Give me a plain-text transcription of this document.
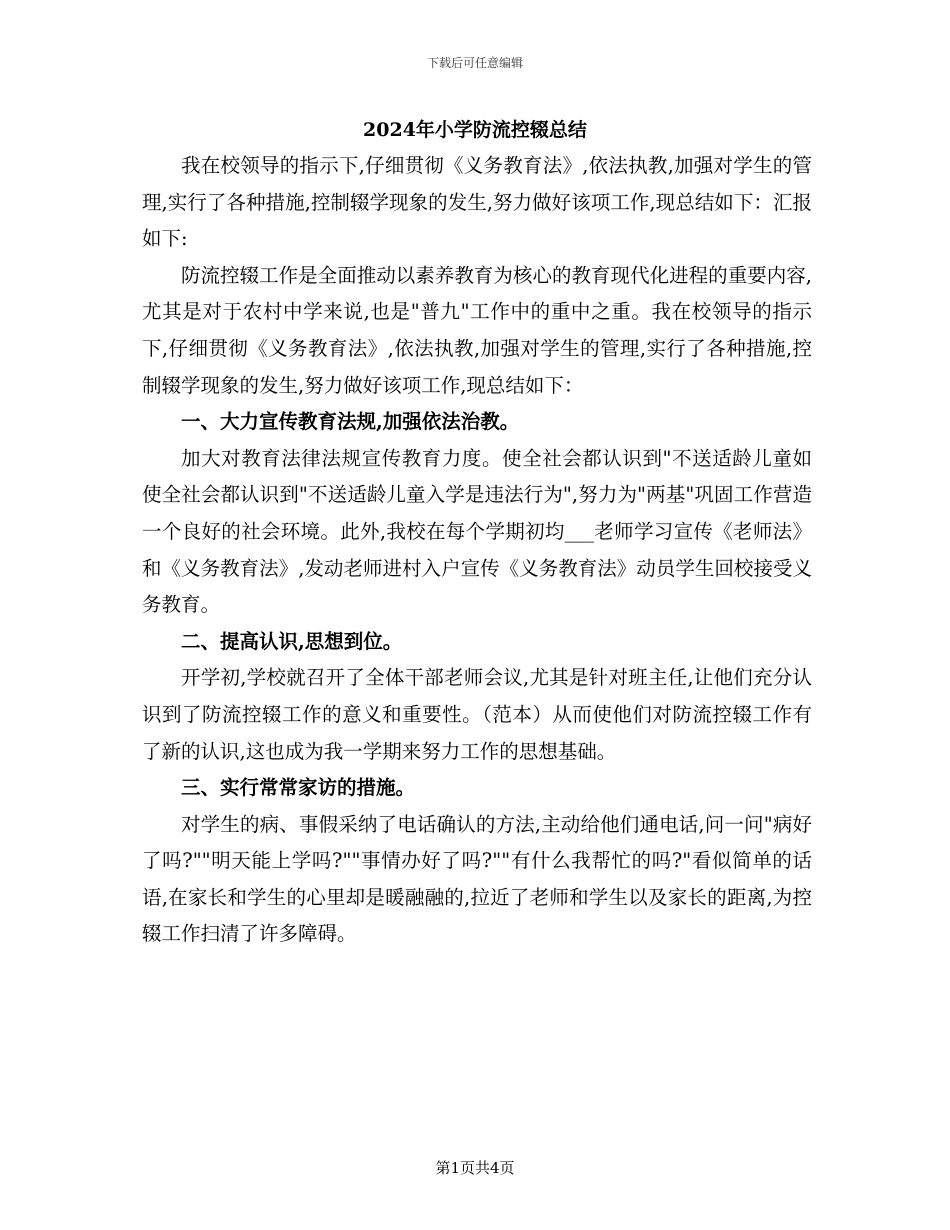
下载后可任意编辑
2024年小学防流控辍总结

我在校领导的指示下,仔细贯彻《义务教育法》,依法执教,加强对学生的管理,实行了各种措施,控制辍学现象的发生,努力做好该项工作,现总结如下：汇报如下:

防流控辍工作是全面推动以素养教育为核心的教育现代化进程的重要内容,尤其是对于农村中学来说,也是"普九"工作中的重中之重。我在校领导的指示下,仔细贯彻《义务教育法》,依法执教,加强对学生的管理,实行了各种措施,控制辍学现象的发生,努力做好该项工作,现总结如下：

一、大力宣传教育法规,加强依法治教。

加大对教育法律法规宣传教育力度。使全社会都认识到"不送适龄儿童如使全社会都认识到"不送适龄儿童入学是违法行为",努力为"两基"巩固工作营造一个良好的社会环境。此外,我校在每个学期初均___老师学习宣传《老师法》和《义务教育法》,发动老师进村入户宣传《义务教育法》动员学生回校接受义务教育。

二、提高认识,思想到位。

开学初,学校就召开了全体干部老师会议,尤其是针对班主任,让他们充分认识到了防流控辍工作的意义和重要性。（范本）从而使他们对防流控辍工作有了新的认识,这也成为我一学期来努力工作的思想基础。

三、实行常常家访的措施。

对学生的病、事假采纳了电话确认的方法,主动给他们通电话,问一问"病好了吗?""明天能上学吗?""事情办好了吗?""有什么我帮忙的吗?"看似简单的话语,在家长和学生的心里却是暖融融的,拉近了老师和学生以及家长的距离,为控辍工作扫清了许多障碍。

第1页共4页
